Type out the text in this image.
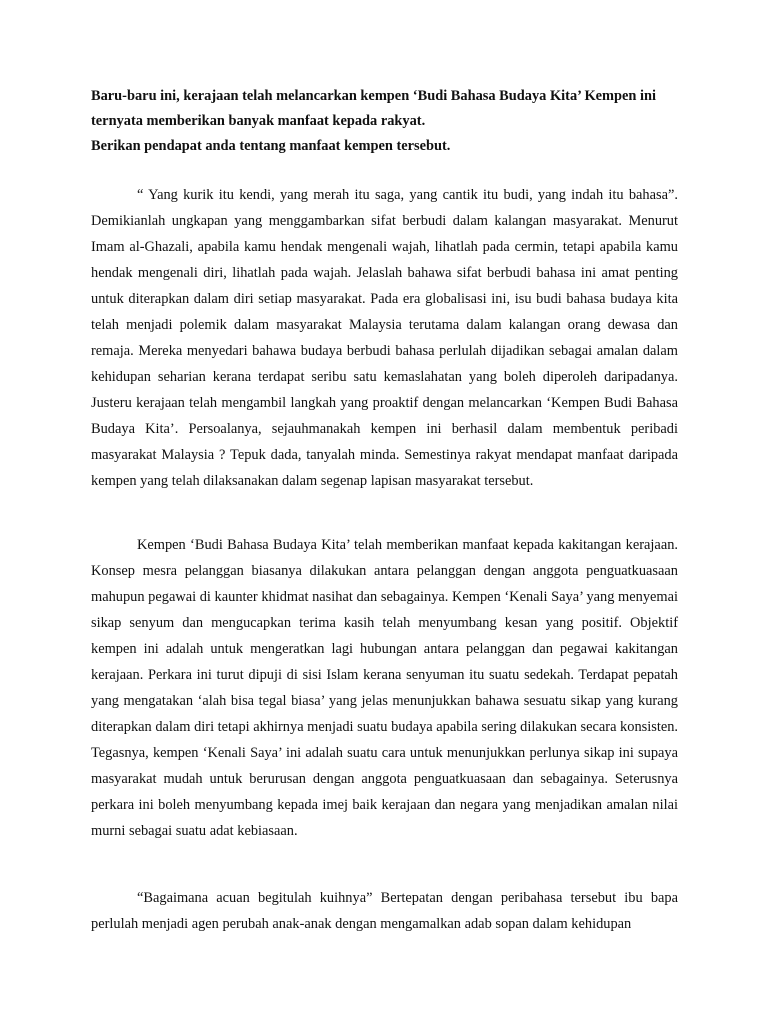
Baru-baru ini, kerajaan telah melancarkan kempen ‘Budi Bahasa Budaya Kita’ Kempen ini ternyata memberikan banyak manfaat kepada rakyat.

Berikan pendapat anda tentang manfaat kempen tersebut.

“ Yang kurik itu kendi, yang merah itu saga, yang cantik itu budi, yang indah itu bahasa”. Demikianlah ungkapan yang menggambarkan sifat berbudi dalam kalangan masyarakat. Menurut Imam al-Ghazali, apabila kamu hendak mengenali wajah, lihatlah pada cermin, tetapi apabila kamu hendak mengenali diri, lihatlah pada wajah. Jelaslah bahawa sifat berbudi bahasa ini amat penting untuk diterapkan dalam diri setiap masyarakat. Pada era globalisasi ini, isu budi bahasa budaya kita telah menjadi polemik dalam masyarakat Malaysia terutama dalam kalangan orang dewasa dan remaja. Mereka menyedari bahawa budaya berbudi bahasa perlulah dijadikan sebagai amalan dalam kehidupan seharian kerana terdapat seribu satu kemaslahatan yang boleh diperoleh daripadanya. Justeru kerajaan telah mengambil langkah yang proaktif dengan melancarkan ‘Kempen Budi Bahasa Budaya Kita’. Persoalanya, sejauhmanakah kempen ini berhasil dalam membentuk peribadi masyarakat Malaysia ? Tepuk dada, tanyalah minda. Semestinya rakyat mendapat manfaat daripada kempen yang telah dilaksanakan dalam segenap lapisan masyarakat tersebut.

Kempen ‘Budi Bahasa Budaya Kita’ telah memberikan manfaat kepada kakitangan kerajaan. Konsep mesra pelanggan biasanya dilakukan antara pelanggan dengan anggota penguatkuasaan mahupun pegawai di kaunter khidmat nasihat dan sebagainya. Kempen ‘Kenali Saya’ yang menyemai sikap senyum dan mengucapkan terima kasih telah menyumbang kesan yang positif. Objektif kempen ini adalah untuk mengeratkan lagi hubungan antara pelanggan dan pegawai kakitangan kerajaan. Perkara ini turut dipuji di sisi Islam kerana senyuman itu suatu sedekah. Terdapat pepatah yang mengatakan ‘alah bisa tegal biasa’ yang jelas menunjukkan bahawa sesuatu sikap yang kurang diterapkan dalam diri tetapi akhirnya menjadi suatu budaya apabila sering dilakukan secara konsisten. Tegasnya, kempen ‘Kenali Saya’ ini adalah suatu cara untuk menunjukkan perlunya sikap ini supaya masyarakat mudah untuk berurusan dengan anggota penguatkuasaan dan sebagainya. Seterusnya perkara ini boleh menyumbang kepada imej baik kerajaan dan negara yang menjadikan amalan nilai murni sebagai suatu adat kebiasaan.

“Bagaimana acuan begitulah kuihnya” Bertepatan dengan peribahasa tersebut ibu bapa perlulah menjadi agen perubah anak-anak dengan mengamalkan adab sopan dalam kehidupan
